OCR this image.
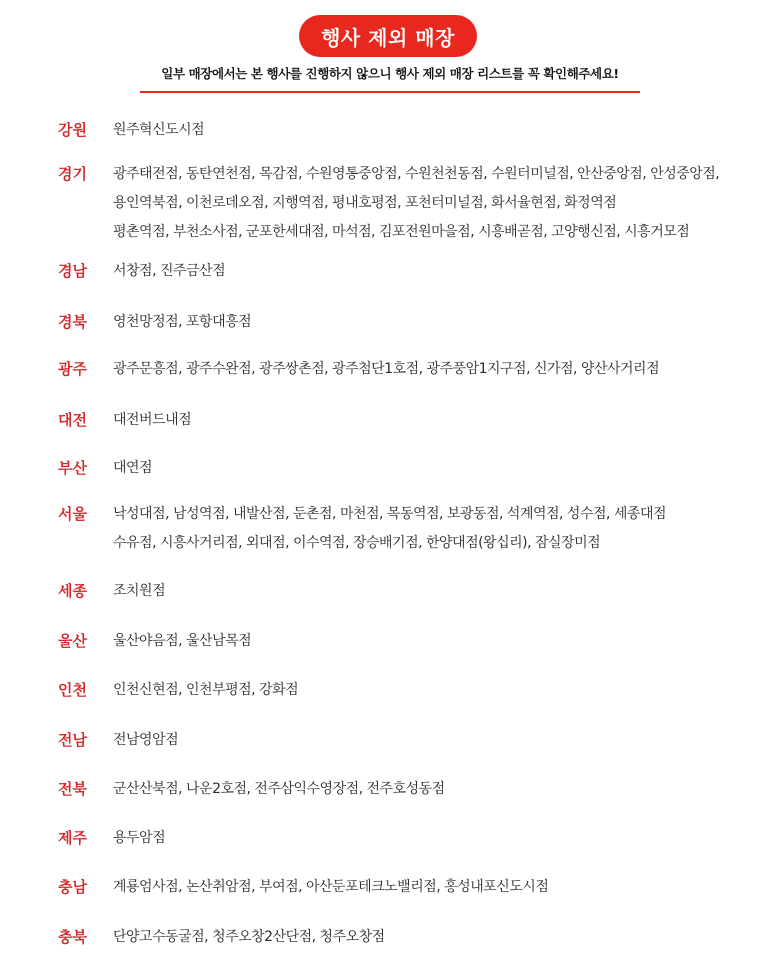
행사 제외 매장
일부 매장에서는 본 행사를 진행하지 않으니 행사 제외 매장 리스트를 꼭 확인해주세요!
강원	원주혁신도시점
경기	광주태전점, 동탄연천점, 목감점, 수원영통중앙점, 수원천천동점, 수원터미널점, 안산중앙점, 안성중앙점,
용인역북점, 이천로데오점, 지행역점, 평내호평점, 포천터미널점, 화서율현점, 화정역점
평촌역점, 부천소사점, 군포한세대점, 마석점, 김포전원마을점, 시흥배곧점, 고양행신점, 시흥거모점
경남	서창점, 진주금산점
경북	영천망정점, 포항대흥점
광주	광주문흥점, 광주수완점, 광주쌍촌점, 광주첨단1호점, 광주풍암1지구점, 신가점, 양산사거리점
대전	대전버드내점
부산	대연점
서울	낙성대점, 남성역점, 내발산점, 둔촌점, 마천점, 목동역점, 보광동점, 석계역점, 성수점, 세종대점
수유점, 시흥사거리점, 외대점, 이수역점, 장승배기점, 한양대점(왕십리), 잠실장미점
세종	조치원점
울산	울산야음점, 울산남목점
인천	인천신현점, 인천부평점, 강화점
전남	전남영암점
전북	군산산북점, 나운2호점, 전주삼익수영장점, 전주호성동점
제주	용두암점
충남	계룡엄사점, 논산취암점, 부여점, 아산둔포테크노밸리점, 홍성내포신도시점
충북	단양고수동굴점, 청주오창2산단점, 청주오창점
